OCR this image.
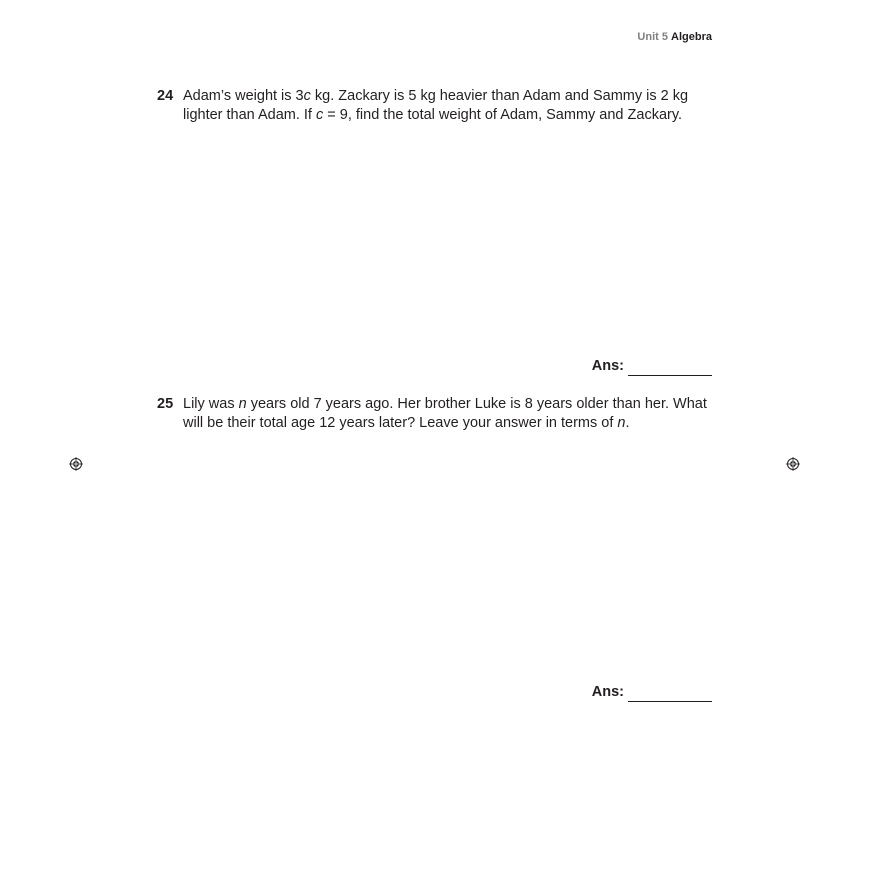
Unit 5 Algebra
24 Adam’s weight is 3c kg. Zackary is 5 kg heavier than Adam and Sammy is 2 kg lighter than Adam. If c = 9, find the total weight of Adam, Sammy and Zackary.
Ans:
25 Lily was n years old 7 years ago. Her brother Luke is 8 years older than her. What will be their total age 12 years later? Leave your answer in terms of n.
Ans:
